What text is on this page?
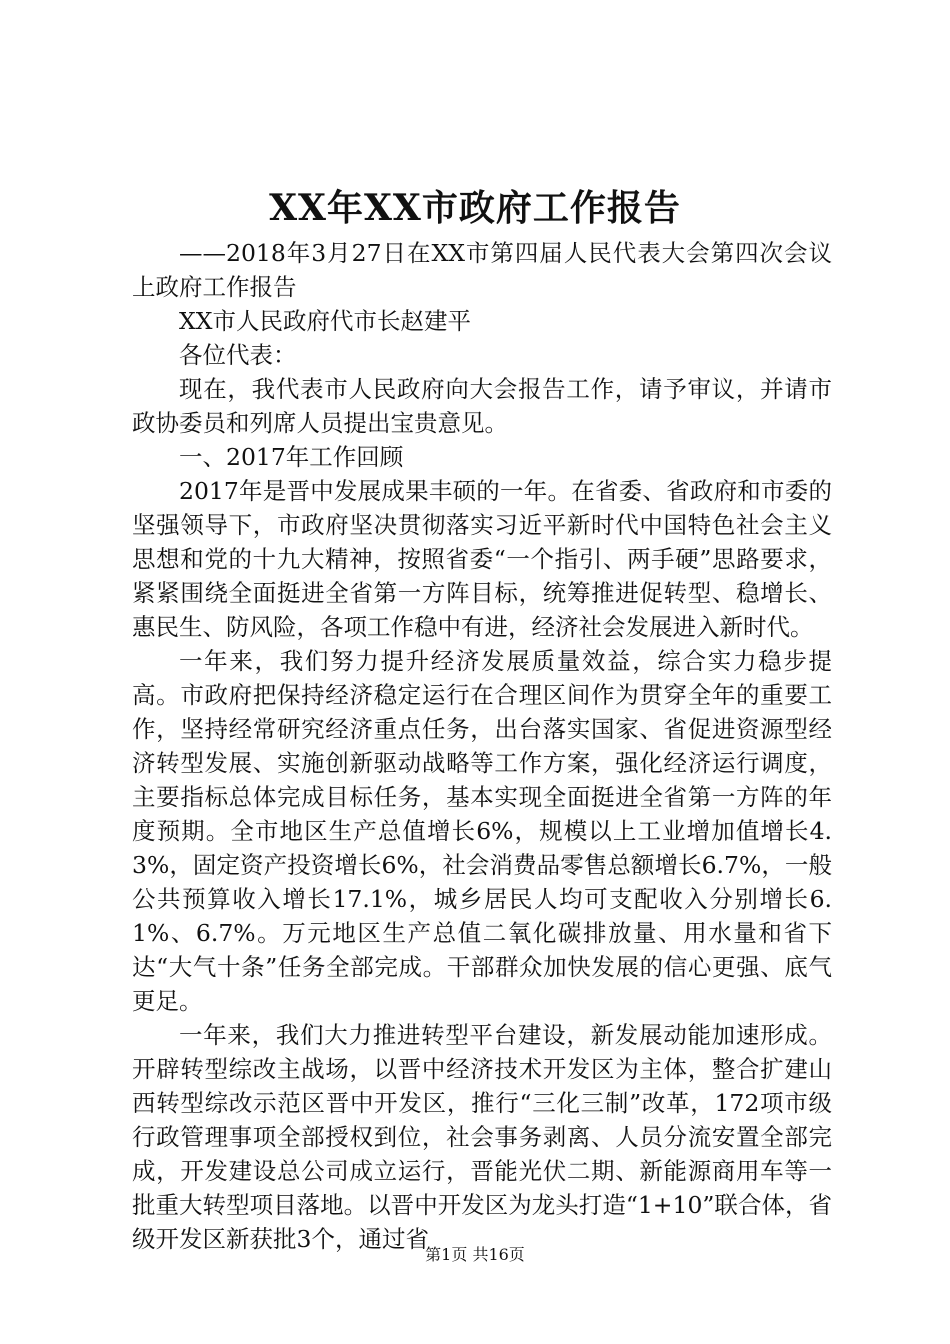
XX年XX市政府工作报告

——2018年3月27日在XX市第四届人民代表大会第四次会议上政府工作报告

XX市人民政府代市长赵建平

各位代表：

现在，我代表市人民政府向大会报告工作，请予审议，并请市政协委员和列席人员提出宝贵意见。

一、2017年工作回顾

2017年是晋中发展成果丰硕的一年。在省委、省政府和市委的坚强领导下，市政府坚决贯彻落实习近平新时代中国特色社会主义思想和党的十九大精神，按照省委“一个指引、两手硬”思路要求，紧紧围绕全面挺进全省第一方阵目标，统筹推进促转型、稳增长、惠民生、防风险，各项工作稳中有进，经济社会发展进入新时代。

一年来，我们努力提升经济发展质量效益，综合实力稳步提高。市政府把保持经济稳定运行在合理区间作为贯穿全年的重要工作，坚持经常研究经济重点任务，出台落实国家、省促进资源型经济转型发展、实施创新驱动战略等工作方案，强化经济运行调度，主要指标总体完成目标任务，基本实现全面挺进全省第一方阵的年度预期。全市地区生产总值增长6%，规模以上工业增加值增长4.3%，固定资产投资增长6%，社会消费品零售总额增长6.7%，一般公共预算收入增长17.1%，城乡居民人均可支配收入分别增长6.1%、6.7%。万元地区生产总值二氧化碳排放量、用水量和省下达“大气十条”任务全部完成。干部群众加快发展的信心更强、底气更足。

一年来，我们大力推进转型平台建设，新发展动能加速形成。开辟转型综改主战场，以晋中经济技术开发区为主体，整合扩建山西转型综改示范区晋中开发区，推行“三化三制”改革，172项市级行政管理事项全部授权到位，社会事务剥离、人员分流安置全部完成，开发建设总公司成立运行，晋能光伏二期、新能源商用车等一批重大转型项目落地。以晋中开发区为龙头打造“1+10”联合体，省级开发区新获批3个，通过省

第1页 共16页
